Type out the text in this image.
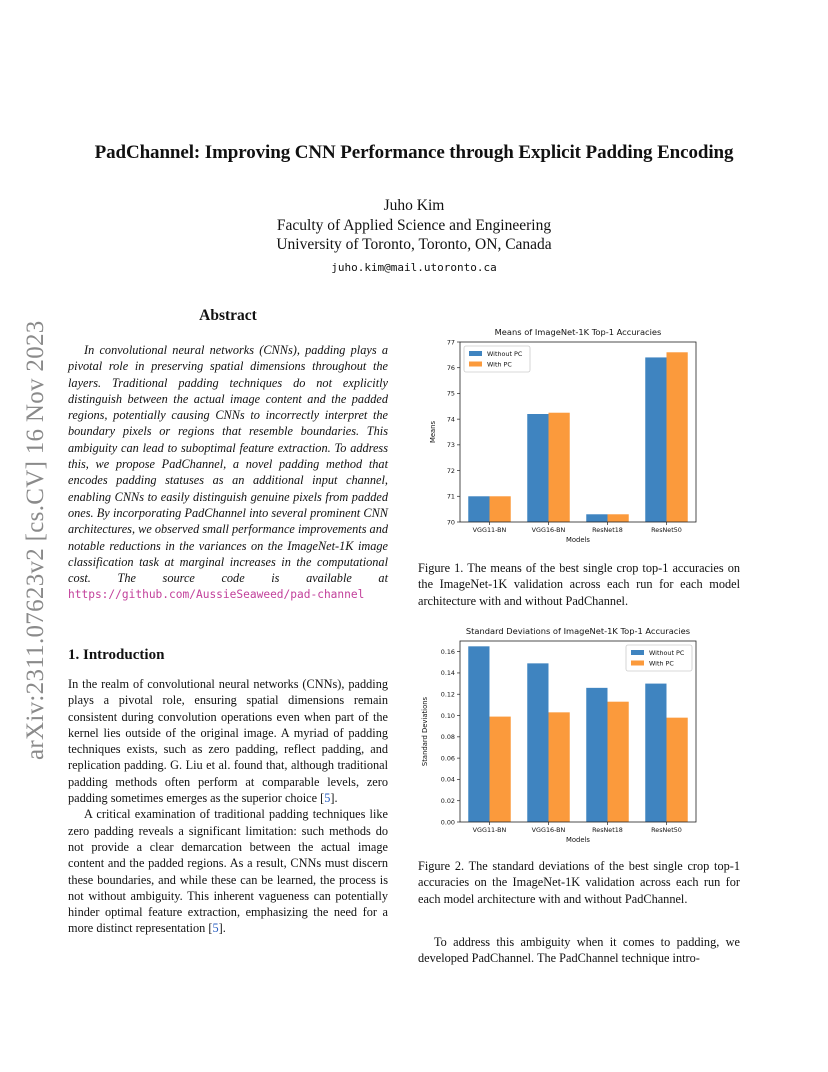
PadChannel: Improving CNN Performance through Explicit Padding Encoding
Juho Kim
Faculty of Applied Science and Engineering
University of Toronto, Toronto, ON, Canada
juho.kim@mail.utoronto.ca
arXiv:2311.07623v2 [cs.CV] 16 Nov 2023
Abstract
In convolutional neural networks (CNNs), padding plays a pivotal role in preserving spatial dimensions throughout the layers. Traditional padding techniques do not explicitly distinguish between the actual image content and the padded regions, potentially causing CNNs to incorrectly interpret the boundary pixels or regions that resemble boundaries. This ambiguity can lead to suboptimal feature extraction. To address this, we propose PadChannel, a novel padding method that encodes padding statuses as an additional input channel, enabling CNNs to easily distinguish genuine pixels from padded ones. By incorporating PadChannel into several prominent CNN architectures, we observed small performance improvements and notable reductions in the variances on the ImageNet-1K image classification task at marginal increases in the computational cost. The source code is available at https://github.com/AussieSeaweed/pad-channel
1. Introduction

In the realm of convolutional neural networks (CNNs), padding plays a pivotal role, ensuring spatial dimensions remain consistent during convolution operations even when part of the kernel lies outside of the original image. A myriad of padding techniques exists, such as zero padding, reflect padding, and replication padding. G. Liu et al. found that, although traditional padding methods often perform at comparable levels, zero padding sometimes emerges as the superior choice [5].

A critical examination of traditional padding techniques like zero padding reveals a significant limitation: such methods do not provide a clear demarcation between the actual image content and the padded regions. As a result, CNNs must discern these boundaries, and while these can be learned, the process is not without ambiguity. This inherent vagueness can potentially hinder optimal feature extraction, emphasizing the need for a more distinct representation [5].

Means of ImageNet-1K Top-1 Accuracies
70
71
72
73
74
75
76
77
VGG11-BN	VGG16-BN	ResNet18	ResNet50
Models
Means
Without PC
With PC
Figure 1. The means of the best single crop top-1 accuracies on the ImageNet-1K validation across each run for each model architecture with and without PadChannel.
Standard Deviations of ImageNet-1K Top-1 Accuracies
0.00
0.02
0.04
0.06
0.08
0.10
0.12
0.14
0.16
VGG11-BN	VGG16-BN	ResNet18	ResNet50
Models
Standard Deviations
Without PC
With PC
Figure 2. The standard deviations of the best single crop top-1 accuracies on the ImageNet-1K validation across each run for each model architecture with and without PadChannel.
To address this ambiguity when it comes to padding, we developed PadChannel. The PadChannel technique intro-
